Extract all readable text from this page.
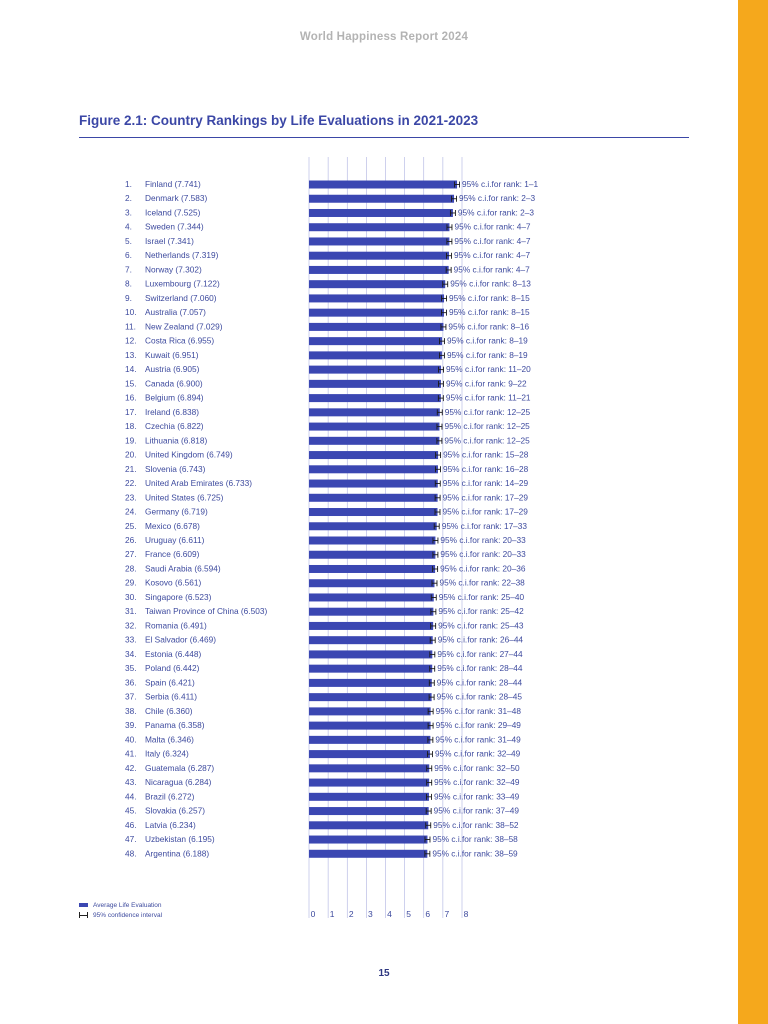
World Happiness Report 2024
Figure 2.1: Country Rankings by Life Evaluations in 2021-2023
1. Finland (7.741)	95% c.i.for rank: 1–1
2. Denmark (7.583)	95% c.i.for rank: 2–3
3. Iceland (7.525)	95% c.i.for rank: 2–3
4. Sweden (7.344)	95% c.i.for rank: 4–7
5. Israel (7.341)	95% c.i.for rank: 4–7
6. Netherlands (7.319)	95% c.i.for rank: 4–7
7. Norway (7.302)	95% c.i.for rank: 4–7
8. Luxembourg (7.122)	95% c.i.for rank: 8–13
9. Switzerland (7.060)	95% c.i.for rank: 8–15
10. Australia (7.057)	95% c.i.for rank: 8–15
11. New Zealand (7.029)	95% c.i.for rank: 8–16
12. Costa Rica (6.955)	95% c.i.for rank: 8–19
13. Kuwait (6.951)	95% c.i.for rank: 8–19
14. Austria (6.905)	95% c.i.for rank: 11–20
15. Canada (6.900)	95% c.i.for rank: 9–22
16. Belgium (6.894)	95% c.i.for rank: 11–21
17. Ireland (6.838)	95% c.i.for rank: 12–25
18. Czechia (6.822)	95% c.i.for rank: 12–25
19. Lithuania (6.818)	95% c.i.for rank: 12–25
20. United Kingdom (6.749)	95% c.i.for rank: 15–28
21. Slovenia (6.743)	95% c.i.for rank: 16–28
22. United Arab Emirates (6.733)	95% c.i.for rank: 14–29
23. United States (6.725)	95% c.i.for rank: 17–29
24. Germany (6.719)	95% c.i.for rank: 17–29
25. Mexico (6.678)	95% c.i.for rank: 17–33
26. Uruguay (6.611)	95% c.i.for rank: 20–33
27. France (6.609)	95% c.i.for rank: 20–33
28. Saudi Arabia (6.594)	95% c.i.for rank: 20–36
29. Kosovo (6.561)	95% c.i.for rank: 22–38
30. Singapore (6.523)	95% c.i.for rank: 25–40
31. Taiwan Province of China (6.503)	95% c.i.for rank: 25–42
32. Romania (6.491)	95% c.i.for rank: 25–43
33. El Salvador (6.469)	95% c.i.for rank: 26–44
34. Estonia (6.448)	95% c.i.for rank: 27–44
35. Poland (6.442)	95% c.i.for rank: 28–44
36. Spain (6.421)	95% c.i.for rank: 28–44
37. Serbia (6.411)	95% c.i.for rank: 28–45
38. Chile (6.360)	95% c.i.for rank: 31–48
39. Panama (6.358)	95% c.i.for rank: 29–49
40. Malta (6.346)	95% c.i.for rank: 31–49
41. Italy (6.324)	95% c.i.for rank: 32–49
42. Guatemala (6.287)	95% c.i.for rank: 32–50
43. Nicaragua (6.284)	95% c.i.for rank: 32–49
44. Brazil (6.272)	95% c.i.for rank: 33–49
45. Slovakia (6.257)	95% c.i.for rank: 37–49
46. Latvia (6.234)	95% c.i.for rank: 38–52
47. Uzbekistan (6.195)	95% c.i.for rank: 38–58
48. Argentina (6.188)	95% c.i.for rank: 38–59
0 1 2 3 4 5 6 7 8
Average Life Evaluation
95% confidence interval
15
